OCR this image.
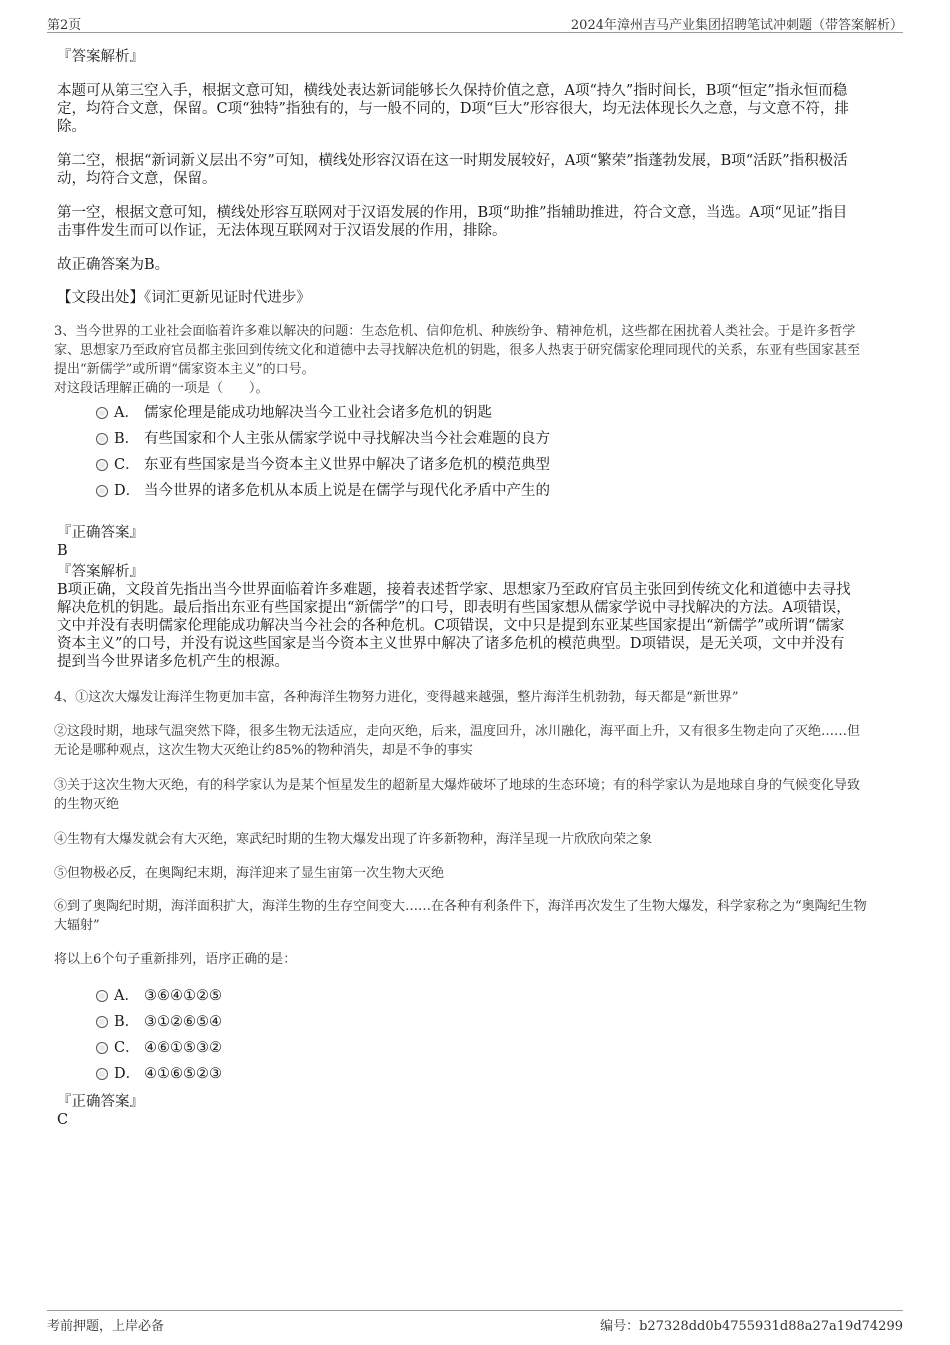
第2页	2024年漳州吉马产业集团招聘笔试冲刺题（带答案解析）
『答案解析』
本题可从第三空入手，根据文意可知，横线处表达新词能够长久保持价值之意，A项“持久”指时间长，B项“恒定”指永恒而稳
定，均符合文意，保留。C项“独特”指独有的，与一般不同的，D项“巨大”形容很大，均无法体现长久之意，与文意不符，排
除。
第二空，根据“新词新义层出不穷”可知，横线处形容汉语在这一时期发展较好，A项“繁荣”指蓬勃发展，B项“活跃”指积极活
动，均符合文意，保留。
第一空，根据文意可知，横线处形容互联网对于汉语发展的作用，B项“助推”指辅助推进，符合文意，当选。A项“见证”指目
击事件发生而可以作证，无法体现互联网对于汉语发展的作用，排除。
故正确答案为B。
【文段出处】《词汇更新见证时代进步》
3、当今世界的工业社会面临着许多难以解决的问题：生态危机、信仰危机、种族纷争、精神危机，这些都在困扰着人类社会。于是许多哲学
家、思想家乃至政府官员都主张回到传统文化和道德中去寻找解决危机的钥匙，很多人热衷于研究儒家伦理同现代的关系，东亚有些国家甚至
提出“新儒学”或所谓“儒家资本主义”的口号。
对这段话理解正确的一项是（　　）。
A． 儒家伦理是能成功地解决当今工业社会诸多危机的钥匙
B． 有些国家和个人主张从儒家学说中寻找解决当今社会难题的良方
C． 东亚有些国家是当今资本主义世界中解决了诸多危机的模范典型
D． 当今世界的诸多危机从本质上说是在儒学与现代化矛盾中产生的
『正确答案』
B
『答案解析』
B项正确，文段首先指出当今世界面临着许多难题，接着表述哲学家、思想家乃至政府官员主张回到传统文化和道德中去寻找
解决危机的钥匙。最后指出东亚有些国家提出“新儒学”的口号，即表明有些国家想从儒家学说中寻找解决的方法。A项错误，
文中并没有表明儒家伦理能成功解决当今社会的各种危机。C项错误，文中只是提到东亚某些国家提出“新儒学”或所谓“儒家
资本主义”的口号，并没有说这些国家是当今资本主义世界中解决了诸多危机的模范典型。D项错误，是无关项，文中并没有
提到当今世界诸多危机产生的根源。
4、①这次大爆发让海洋生物更加丰富，各种海洋生物努力进化，变得越来越强，整片海洋生机勃勃，每天都是“新世界”
②这段时期，地球气温突然下降，很多生物无法适应，走向灭绝，后来，温度回升，冰川融化，海平面上升，又有很多生物走向了灭绝……但
无论是哪种观点，这次生物大灭绝让约85%的物种消失，却是不争的事实
③关于这次生物大灭绝，有的科学家认为是某个恒星发生的超新星大爆炸破坏了地球的生态环境；有的科学家认为是地球自身的气候变化导致
的生物灭绝
④生物有大爆发就会有大灭绝，寒武纪时期的生物大爆发出现了许多新物种，海洋呈现一片欣欣向荣之象
⑤但物极必反，在奥陶纪末期，海洋迎来了显生宙第一次生物大灭绝
⑥到了奥陶纪时期，海洋面积扩大，海洋生物的生存空间变大……在各种有利条件下，海洋再次发生了生物大爆发，科学家称之为“奥陶纪生物
大辐射”
将以上6个句子重新排列，语序正确的是：
A． ③⑥④①②⑤
B． ③①②⑥⑤④
C． ④⑥①⑤③②
D． ④①⑥⑤②③
『正确答案』
C
考前押题，上岸必备	编号：b27328dd0b4755931d88a27a19d74299
